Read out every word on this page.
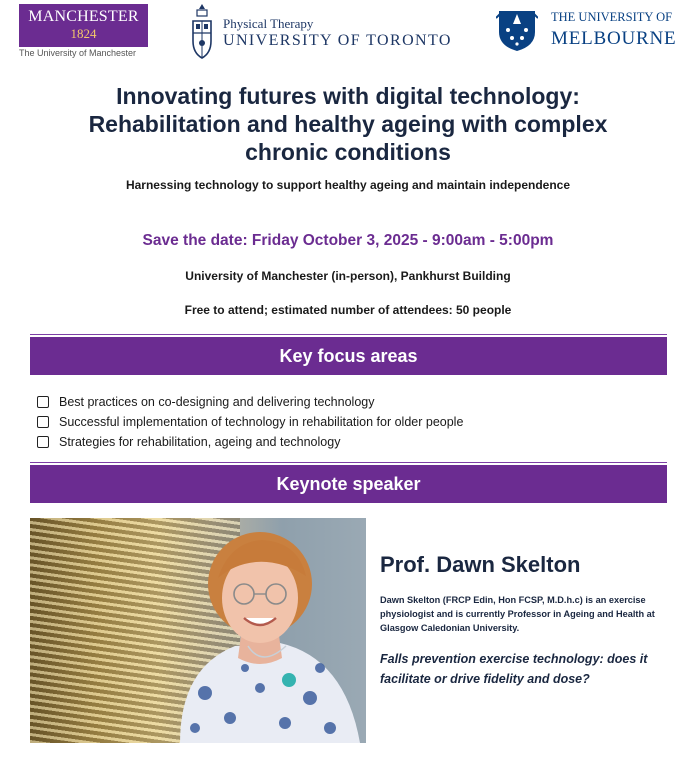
MANCHESTER
1824
The University of Manchester
Physical Therapy
UNIVERSITY OF TORONTO
THE UNIVERSITY OF
MELBOURNE
Innovating futures with digital technology:
Rehabilitation and healthy ageing with complex
chronic conditions
Harnessing technology to support healthy ageing and maintain independence
Save the date: Friday October 3, 2025 - 9:00am - 5:00pm
University of Manchester (in-person), Pankhurst Building
Free to attend; estimated number of attendees: 50 people
Key focus areas
Best practices on co-designing and delivering technology
Successful implementation of technology in rehabilitation for older people
Strategies for rehabilitation, ageing and technology
Keynote speaker
Prof. Dawn Skelton
Dawn Skelton (FRCP Edin, Hon FCSP, M.D.h.c) is an exercise physiologist and is currently Professor in Ageing and Health at Glasgow Caledonian University.
Falls prevention exercise technology: does it facilitate or drive fidelity and dose?
